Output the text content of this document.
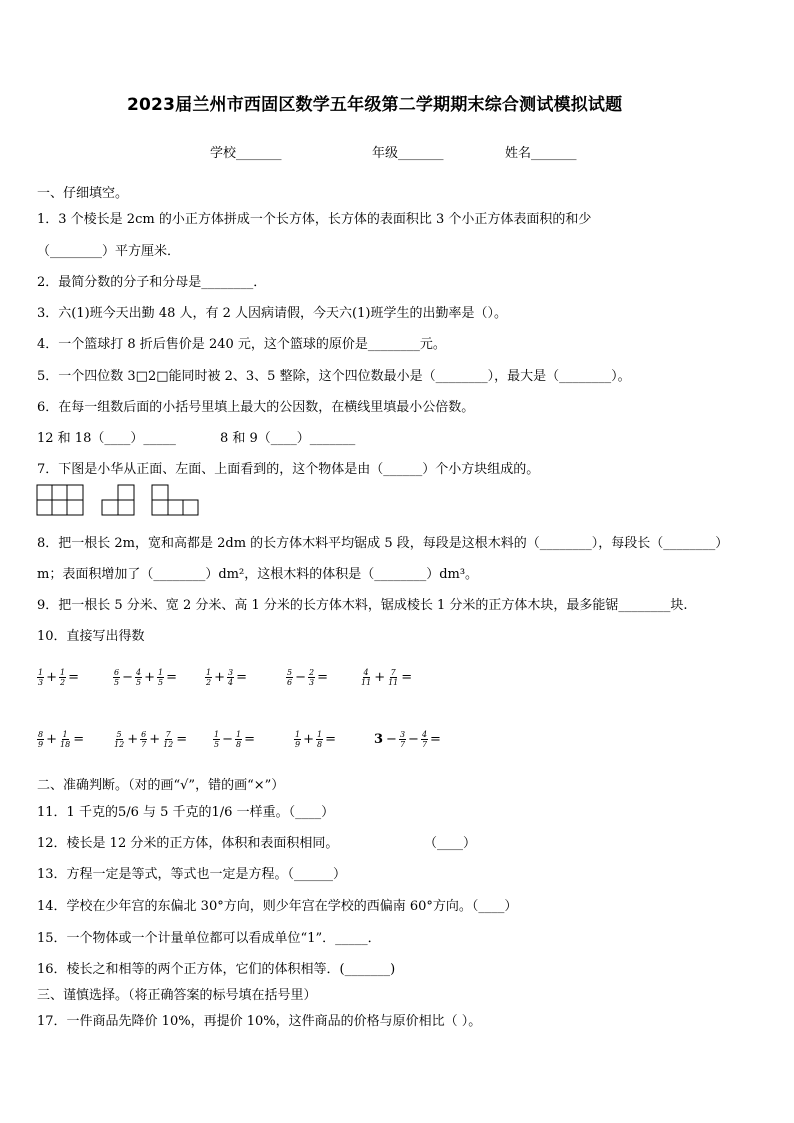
2023届兰州市西固区数学五年级第二学期期末综合测试模拟试题
学校_______	年级_______	姓名_______
一、仔细填空。
1．3 个棱长是 2cm 的小正方体拼成一个长方体，长方体的表面积比 3 个小正方体表面积的和少
（________）平方厘米．
2．最简分数的分子和分母是________．
3．六(1)班今天出勤 48 人，有 2 人因病请假，今天六(1)班学生的出勤率是（）。
4．一个篮球打 8 折后售价是 240 元，这个篮球的原价是________元。
5．一个四位数 3□2□能同时被 2、3、5 整除，这个四位数最小是（________），最大是（________）。
6．在每一组数后面的小括号里填上最大的公因数，在横线里填最小公倍数。
12 和 18（____）_____	8 和 9（____）_______
7．下图是小华从正面、左面、上面看到的，这个物体是由（______）个小方块组成的。
8．把一根长 2m，宽和高都是 2dm 的长方体木料平均锯成 5 段，每段是这根木料的（________），每段长（________）
m；表面积增加了（________）dm²，这根木料的体积是（________）dm³。
9．把一根长 5 分米、宽 2 分米、高 1 分米的长方体木料，锯成棱长 1 分米的正方体木块，最多能锯________块.
10．直接写出得数
$\frac{1}{3} + \frac{1}{2}$ =	$\frac{6}{5} - \frac{4}{5} + \frac{1}{5}$ =	$\frac{1}{2} + \frac{3}{4}$ =	$\frac{5}{6} - \frac{2}{3}$ =	$\frac{4}{11} + \frac{7}{11}$ =
$\frac{8}{9} + \frac{1}{18}$ =	$\frac{5}{12} + \frac{6}{7} + \frac{7}{12}$ =	$\frac{1}{5} - \frac{1}{8}$ =	$\frac{1}{9} + \frac{1}{8}$ =	$3 - \frac{3}{7} - \frac{4}{7}$ =
二、准确判断。（对的画“√”，错的画“×”）
11．1 千克的5/6 与 5 千克的1/6 一样重。（____）
12．棱长是 12 分米的正方体，体积和表面积相同。	（____）
13．方程一定是等式，等式也一定是方程。（______）
14．学校在少年宫的东偏北 30°方向，则少年宫在学校的西偏南 60°方向。（____）
15．一个物体或一个计量单位都可以看成单位“1”．_____．
16．棱长之和相等的两个正方体，它们的体积相等．(_______)
三、谨慎选择。（将正确答案的标号填在括号里）
17．一件商品先降价 10%，再提价 10%，这件商品的价格与原价相比（ ）。
